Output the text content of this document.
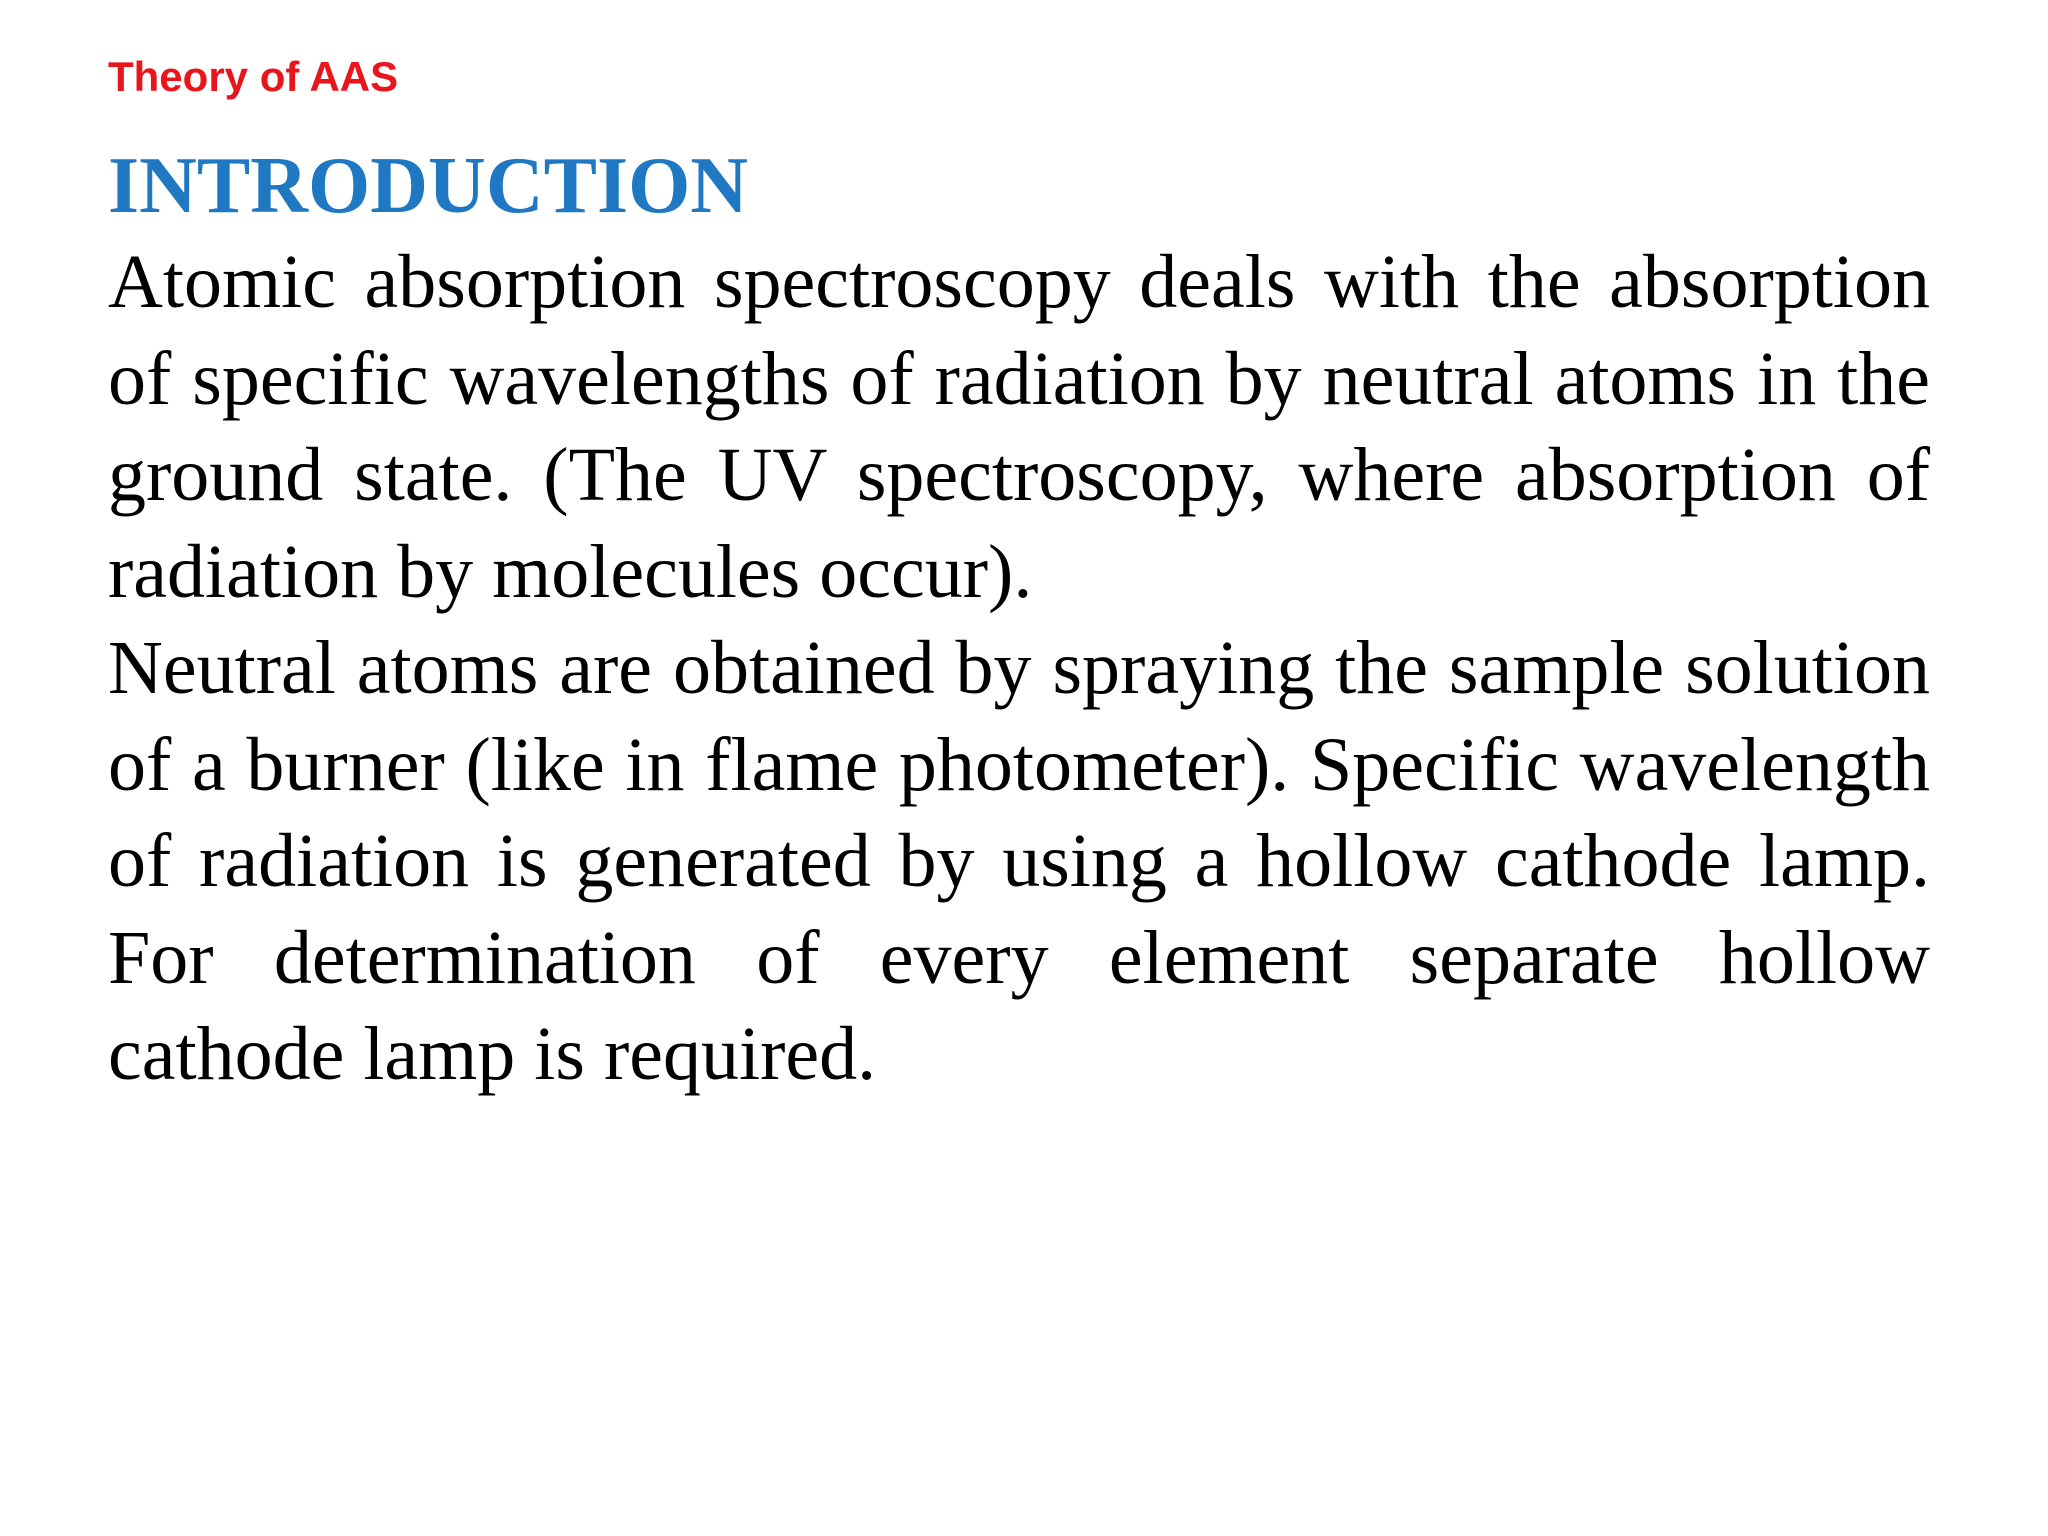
Theory of AAS
INTRODUCTION

Atomic absorption spectroscopy deals with the absorption of specific wavelengths of radiation by neutral atoms in the ground state. (The UV spectroscopy, where absorption of radiation by molecules occur).

Neutral atoms are obtained by spraying the sample solution of a burner (like in flame photometer). Specific wavelength of radiation is generated by using a hollow cathode lamp. For determination of every element separate hollow cathode lamp is required.
